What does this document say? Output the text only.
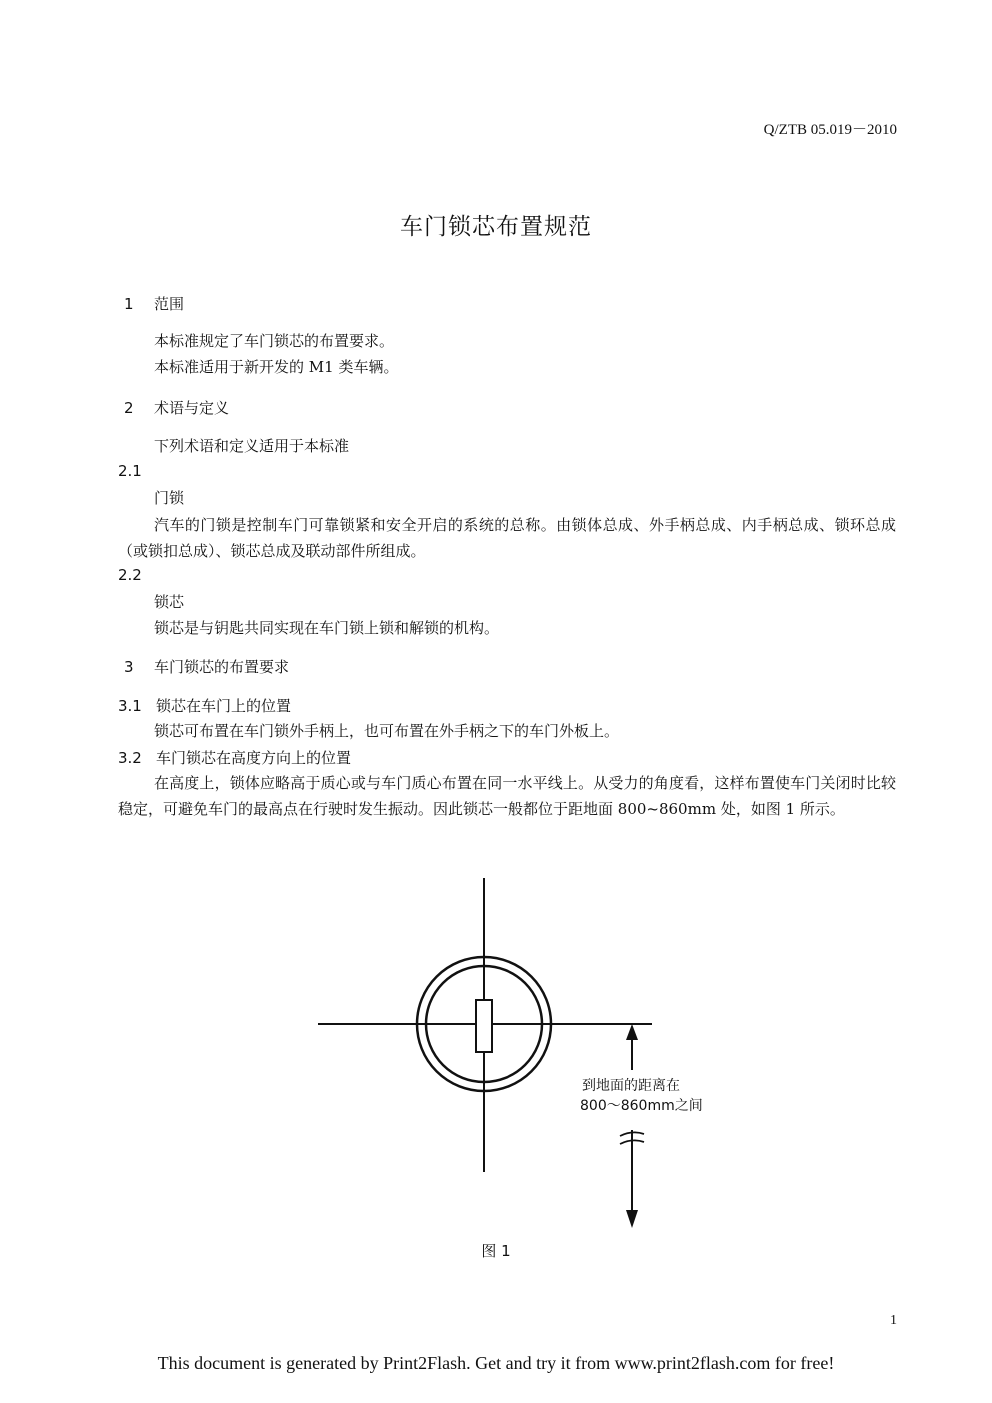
Q/ZTB 05.019－2010
车门锁芯布置规范
1 范围
本标准规定了车门锁芯的布置要求。
本标准适用于新开发的 M1 类车辆。
2 术语与定义
下列术语和定义适用于本标准
2.1
门锁
汽车的门锁是控制车门可靠锁紧和安全开启的系统的总称。由锁体总成、外手柄总成、内手柄总成、锁环总成（或锁扣总成）、锁芯总成及联动部件所组成。
2.2
锁芯
锁芯是与钥匙共同实现在车门锁上锁和解锁的机构。
3 车门锁芯的布置要求
3.1 锁芯在车门上的位置
锁芯可布置在车门锁外手柄上，也可布置在外手柄之下的车门外板上。
3.2 车门锁芯在高度方向上的位置
在高度上，锁体应略高于质心或与车门质心布置在同一水平线上。从受力的角度看，这样布置使车门关闭时比较稳定，可避免车门的最高点在行驶时发生振动。因此锁芯一般都位于距地面 800~860mm 处，如图 1 所示。
到地面的距离在
800～860mm之间
图 1
1
This document is generated by Print2Flash. Get and try it from www.print2flash.com for free!
